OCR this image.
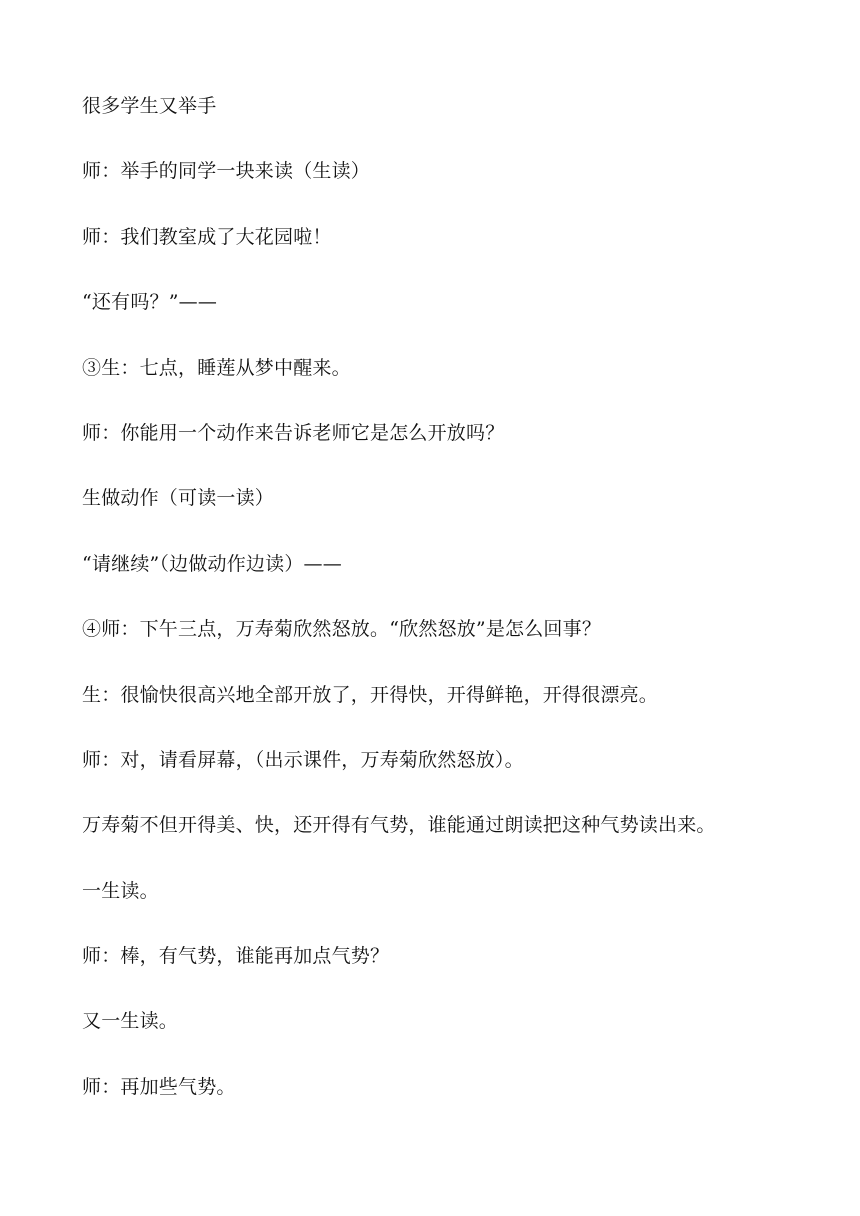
很多学生又举手
师：举手的同学一块来读（生读）
师：我们教室成了大花园啦！
“还有吗？”——
③生：七点，睡莲从梦中醒来。
师：你能用一个动作来告诉老师它是怎么开放吗？
生做动作（可读一读）
“请继续”（边做动作边读）——
④师：下午三点，万寿菊欣然怒放。“欣然怒放”是怎么回事？
生：很愉快很高兴地全部开放了，开得快，开得鲜艳，开得很漂亮。
师：对，请看屏幕，（出示课件，万寿菊欣然怒放）。
万寿菊不但开得美、快，还开得有气势，谁能通过朗读把这种气势读出来。
一生读。
师：棒，有气势，谁能再加点气势？
又一生读。
师：再加些气势。
